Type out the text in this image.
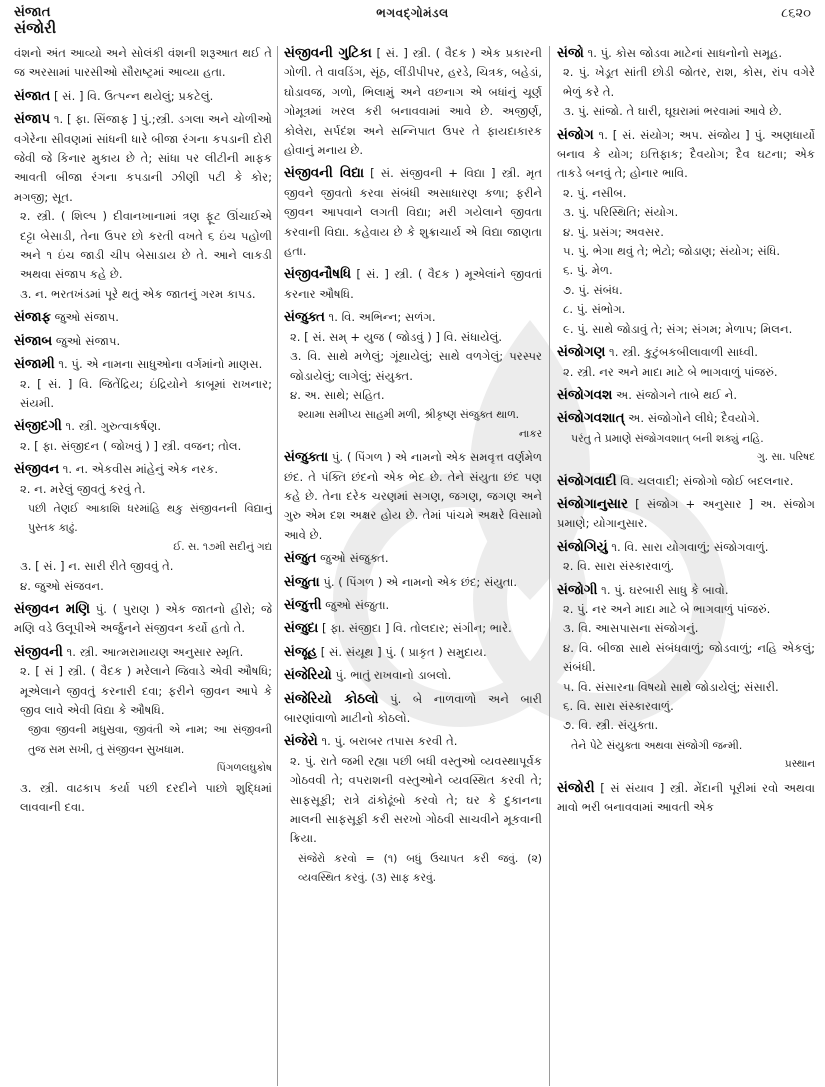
સંજાત
સંજોરી
ભગવદ્ગોમંડલ	૮૬૨૦
વંશનો અંત આવ્યો અને સોલંકી વંશની શરૂઆત થઈ તે જ અરસામાં પારસીઓ સૌરાષ્ટ્રમાં આવ્યા હતા.
સંજાત [ સં. ] વિ. ઉત્પન્ન થયેલું; પ્રકટેલું.
સંજાપ ૧. [ ફા. સિંજાફ ] પું.;સ્ત્રી. ડગલા અને ચોળીઓ વગેરેના સીવણમાં સાંધની ધારે બીજા રંગના કપડાની દોરી જેવી જે કિનાર મુકાય છે તે; સાંધા પર લીટીની માફક આવતી બીજા રંગના કપડાની ઝીણી પટી કે કોર; મગજી; સૂત.
૨. સ્ત્રી. ( શિલ્પ ) દીવાનખાનામાં ત્રણ ફૂટ ઊંચાઈએ દટ્ટા બેસાડી, તેના ઉપર છો કરતી વખતે ૬ ઇંચ પહોળી અને ૧ ઇંચ જાડી ચીપ બેસાડાય છે તે. આને લાકડી અથવા સંજાપ કહે છે.
૩. ન. ભરતખંડમાં પૂરે થતું એક જાતનું ગરમ કાપડ.
સંજાફ જુઓ સંજાપ.
સંજાબ જુઓ સંજાપ.
સંજામી ૧. પું. એ નામના સાધુઓના વર્ગમાંનો માણસ.
૨. [ સં. ] વિ. જિતેંદ્રિય; ઇંદ્રિયોને કાબૂમાં રાખનાર; સંયમી.
સંજીદગી ૧. સ્ત્રી. ગુરુત્વાકર્ષણ.
૨. [ ફા. સંજીદન ( જોખવું ) ] સ્ત્રી. વજન; તોલ.
સંજીવન ૧. ન. એકવીસ માંહેનું એક નરક.
૨. ન. મરેલું જીવતું કરવું તે.
પછી તેણઈ આકાશિ ધરમાંહિ થકુ સંજીવનની વિદ્યાનું પુસ્તક કાઢું.
ઈ. સ. ૧૭મી સદીનું ગદ્ય
૩. [ સં. ] ન. સારી રીતે જીવવું તે.
૪. જુઓ સંજવન.
સંજીવન મણિ પું. ( પુરાણ ) એક જાતનો હીરો; જે મણિ વડે ઉલૂપીએ અર્જુનને સંજીવન કર્યો હતો તે.
સંજીવની ૧. સ્ત્રી. આત્મરામાયણ અનુસાર સ્મૃતિ.
૨. [ સં ] સ્ત્રી. ( વૈદક ) મરેલાને જિવાડે એવી ઔષધિ; મૂએલાને જીવતું કરનારી દવા; ફરીને જીવન આપે કે જીવ લાવે એવી વિદ્યા કે ઔષધિ.
જીવા જીવની મધુસ્રવા, જીવંતી એ નામ; આ સંજીવની તુજ સમ સખી, તું સંજીવન સુખધામ.
પિંગળલઘુકોષ
૩. સ્ત્રી. વાઢકાપ કર્યા પછી દરદીને પાછો શુદ્ધિમાં લાવવાની દવા.
સંજીવની ગુટિકા [ સં. ] સ્ત્રી. ( વૈદક ) એક પ્રકારની ગોળી. તે વાવડિંગ, સૂંઠ, લીંડીપીપર, હરડે, ચિત્રક, બહેડાં, ઘોડાવજ, ગળો, ભિલામું અને વછનાગ એ બધાંનું ચૂર્ણ ગોમૂત્રમાં ખરલ કરી બનાવવામાં આવે છે. અજીર્ણ, કોલેરા, સર્પદંશ અને સન્નિપાત ઉપર તે ફાયદાકારક હોવાનું મનાય છે.
સંજીવની વિદ્યા [ સં. સંજીવની + વિદ્યા ] સ્ત્રી. મૃત જીવને જીવતો કરવા સંબંધી અસાધારણ કળા; ફરીને જીવન આપવાને લગતી વિદ્યા; મરી ગયેલાને જીવતા કરવાની વિદ્યા. કહેવાય છે કે શુક્રાચાર્ય એ વિદ્યા જાણતા હતા.
સંજીવનૌષધિ [ સં. ] સ્ત્રી. ( વૈદક ) મૂએલાંને જીવતાં કરનાર ઔષધિ.
સંજુક્ત ૧. વિ. અભિન્ન; સળંગ.
૨. [ સં. સમ્ + યુજ ( જોડવું ) ] વિ. સંધાયેલું.
૩. વિ. સાથે મળેલું; ગૂંથાયેલું; સાથે વળગેલું; પરસ્પર જોડાયેલું; લાગેલું; સંયુક્ત.
૪. અ. સાથે; સહિત.
શ્યામા સમીપ્ય સાહમી મળી, શ્રીકૃષ્ણ સંજુક્ત થાળ.
નાકર
સંજુક્તા પું. ( પિંગળ ) એ નામનો એક સમવૃત્ત વર્ણમેળ છંદ. તે પંક્તિ છંદનો એક ભેદ છે. તેને સંયુતા છંદ પણ કહે છે. તેના દરેક ચરણમાં સગણ, જગણ, જગણ અને ગુરુ એમ દશ અક્ષર હોય છે. તેમાં પાંચમે અક્ષરે વિસામો આવે છે.
સંજુત જુઓ સંજુક્ત.
સંજુતા પું. ( પિંગળ ) એ નામનો એક છંદ; સંયુતા.
સંજુત્તી જુઓ સંજુતા.
સંજુદા [ ફા. સંજીદા ] વિ. તોલદાર; સંગીન; ભારે.
સંજૂહ [ સં. સંયૂથ ] પું. ( પ્રાકૃત ) સમુદાય.
સંજેરિયો પું. ભાતું રાખવાનો ડાબલો.
સંજેરિયો કોઠલો પું. બે નાળવાળો અને બારી બારણાંવાળો માટીનો કોઠલો.
સંજેરો ૧. પું. બરાબર તપાસ કરવી તે.
૨. પું. રાતે જમી રહ્યા પછી બધી વસ્તુઓ વ્યવસ્થાપૂર્વક ગોઠવવી તે; વપરાશની વસ્તુઓને વ્યવસ્થિત કરવી તે; સાફસૂફી; રાત્રે ઢાંકોઢૂંબો કરવો તે; ઘર કે દુકાનના માલની સાફસૂફી કરી સરખો ગોઠવી સાચવીને મૂકવાની ક્રિયા.
સંજેરો કરવો = (૧) બધું ઉચાપત કરી જવું. (૨) વ્યવસ્થિત કરવું. (૩) સાફ કરવું.
સંજો ૧. પું. કોસ જોડવા માટેનાં સાધનોનો સમૂહ.
૨. પું. ખેડૂત સાંતી છોડી જોતર, રાશ, કોસ, રાંપ વગેરે ભેળું કરે તે.
૩. પું. સાંજો. તે ઘારી, ઘૂઘરામાં ભરવામાં આવે છે.
સંજોગ ૧. [ સં. સંયોગ; અપ. સંજોય ] પું. અણધાર્યો બનાવ કે યોગ; ઇત્તિફાક; દૈવયોગ; દૈવ ઘટના; એક તાકડે બનવું તે; હોનાર ભાવિ.
૨. પું. નસીબ.
૩. પું. પરિસ્થિતિ; સંયોગ.
૪. પું. પ્રસંગ; અવસર.
૫. પું. ભેગા થવું તે; ભેટો; જોડાણ; સંયોગ; સંધિ.
૬. પું. મેળ.
૭. પું. સંબંધ.
૮. પું. સંભોગ.
૯. પું. સાથે જોડાવું તે; સંગ; સંગમ; મેળાપ; મિલન.
સંજોગણ ૧. સ્ત્રી. કુટુંબકબીલાવાળી સાધ્વી.
૨. સ્ત્રી. નર અને માદા માટે બે ભાગવાળું પાંજરું.
સંજોગવશ અ. સંજોગને તાબે થઈ ને.
સંજોગવશાત્ અ. સંજોગોને લીધે; દૈવયોગે.
પરંતુ તે પ્રમાણે સંજોગવશાત્ બની શક્યું નહિ.
ગુ. સા. પરિષદ
સંજોગવાદી વિ. ચલવાદી; સંજોગો જોઈ બદલનાર.
સંજોગાનુસાર [ સંજોગ + અનુસાર ] અ. સંજોગ પ્રમાણે; યોગાનુસાર.
સંજોગિયું ૧. વિ. સારા યોગવાળું; સંજોગવાળું.
૨. વિ. સારા સંસ્કારવાળું.
સંજોગી ૧. પું. ઘરબારી સાધુ કે બાવો.
૨. પું. નર અને માદા માટે બે ભાગવાળું પાંજરું.
૩. વિ. આસપાસના સંજોગનું.
૪. વિ. બીજા સાથે સંબંધવાળું; જોડવાળું; નહિ એકલું; સંબંધી.
૫. વિ. સંસારના વિષયો સાથે જોડાયેલું; સંસારી.
૬. વિ. સારા સંસ્કારવાળું.
૭. વિ. સ્ત્રી. સંયુક્તા.
તેને પેટે સંયુક્તા અથવા સંજોગી જન્મી.
પ્રસ્થાન
સંજોરી [ સં સંયાવ ] સ્ત્રી. મેંદાની પૂરીમાં રવો અથવા માવો ભરી બનાવવામાં આવતી એક
